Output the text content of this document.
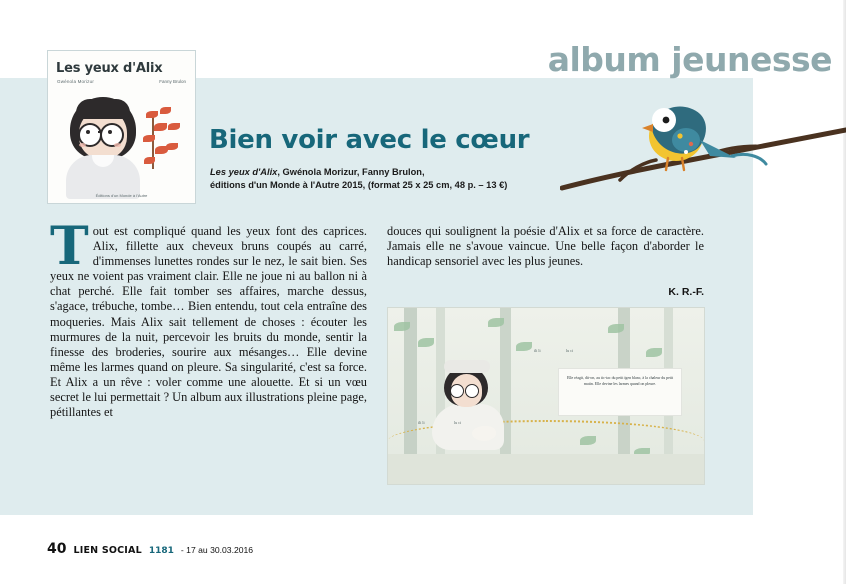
album jeunesse
Les yeux d'Alix
Gwénola Morizur	Fanny Brulon
Éditions d'un Monde à l'Autre
Bien voir avec le cœur
Les yeux d'Alix, Gwénola Morizur, Fanny Brulon,
éditions d'un Monde à l'Autre 2015, (format 25 x 25 cm, 48 p. – 13 €)
Tout est compliqué quand les yeux font des caprices. Alix, fillette aux cheveux bruns coupés au carré, d'immenses lunettes rondes sur le nez, le sait bien. Ses yeux ne voient pas vraiment clair. Elle ne joue ni au ballon ni à chat perché. Elle fait tomber ses affaires, marche dessus, s'agace, trébuche, tombe… Bien entendu, tout cela entraîne des moqueries. Mais Alix sait tellement de choses : écouter les murmures de la nuit, percevoir les bruits du monde, sentir la finesse des broderies, sourire aux mésanges… Elle devine même les larmes quand on pleure. Sa singularité, c'est sa force. Et Alix a un rêve : voler comme une alouette. Et si un vœu secret le lui permettait ? Un album aux illustrations pleine page, pétillantes et
douces qui soulignent la poésie d'Alix et sa force de caractère. Jamais elle ne s'avoue vaincue. Une belle façon d'aborder le handicap sensoriel avec les plus jeunes.
K. R.-F.

Elle réagit, dit-on, au tic-tac du petit ïgen blanc, à la chaleur du petit matin. Elle devine les larmes quand on pleure.

ili li	lu ci
ili li	lu ci
40 LIEN SOCIAL 1181 - 17 au 30.03.2016
